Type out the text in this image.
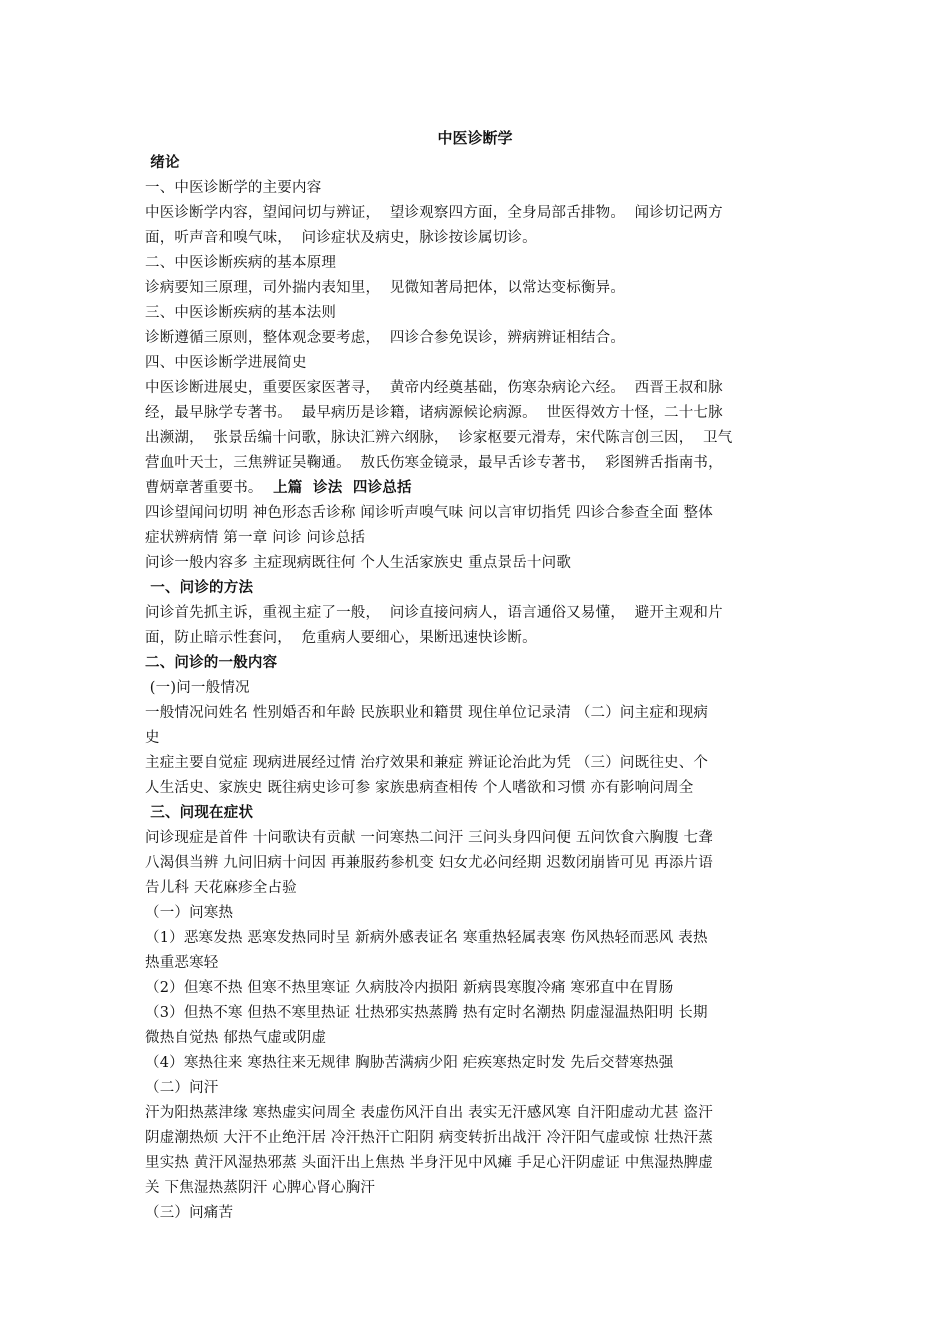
中医诊断学
绪论
一、中医诊断学的主要内容
中医诊断学内容，望闻问切与辨证，  望诊观察四方面，全身局部舌排物。  闻诊切记两方
面，听声音和嗅气味，  问诊症状及病史，脉诊按诊属切诊。
二、中医诊断疾病的基本原理
诊病要知三原理，司外揣内表知里，  见微知著局把体，以常达变标衡异。
三、中医诊断疾病的基本法则
诊断遵循三原则，整体观念要考虑，  四诊合参免误诊，辨病辨证相结合。
四、中医诊断学进展简史
中医诊断进展史，重要医家医著寻，  黄帝内经奠基础，伤寒杂病论六经。  西晋王叔和脉
经，最早脉学专著书。  最早病历是诊籍，诸病源候论病源。  世医得效方十怪，二十七脉
出濒湖，  张景岳编十问歌，脉诀汇辨六纲脉，  诊家枢要元滑寿，宋代陈言创三因，  卫气
营血叶天士，三焦辨证吴鞠通。  敖氏伤寒金镜录，最早舌诊专著书，  彩图辨舌指南书，
曹炳章著重要书。  上篇  诊法  四诊总括
四诊望闻问切明 神色形态舌诊称 闻诊听声嗅气味 问以言审切指凭 四诊合参查全面 整体
症状辨病情 第一章 问诊 问诊总括
问诊一般内容多 主症现病既往何 个人生活家族史 重点景岳十问歌
一、问诊的方法
问诊首先抓主诉，重视主症了一般，  问诊直接问病人，语言通俗又易懂，  避开主观和片
面，防止暗示性套问，  危重病人要细心，果断迅速快诊断。
二、问诊的一般内容
(一)问一般情况
一般情况问姓名 性别婚否和年龄 民族职业和籍贯 现住单位记录清 （二）问主症和现病
史
主症主要自觉症 现病进展经过情 治疗效果和兼症 辨证论治此为凭 （三）问既往史、个
人生活史、家族史 既往病史诊可参 家族患病查相传 个人嗜欲和习惯 亦有影响问周全
三、问现在症状
问诊现症是首件 十问歌诀有贡献 一问寒热二问汗 三问头身四问便 五问饮食六胸腹 七聋
八渴俱当辨 九问旧病十问因 再兼服药参机变 妇女尤必问经期 迟数闭崩皆可见 再添片语
告儿科 天花麻疹全占验
（一）问寒热
（1）恶寒发热 恶寒发热同时呈 新病外感表证名 寒重热轻属表寒 伤风热轻而恶风 表热
热重恶寒轻
（2）但寒不热 但寒不热里寒证 久病肢冷内损阳 新病畏寒腹冷痛 寒邪直中在胃肠
（3）但热不寒 但热不寒里热证 壮热邪实热蒸腾 热有定时名潮热 阴虚湿温热阳明 长期
微热自觉热 郁热气虚或阴虚
（4）寒热往来 寒热往来无规律 胸胁苦满病少阳 疟疾寒热定时发 先后交替寒热强
（二）问汗
汗为阳热蒸津缘 寒热虚实问周全 表虚伤风汗自出 表实无汗感风寒 自汗阳虚动尤甚 盗汗
阴虚潮热烦 大汗不止绝汗居 冷汗热汗亡阳阴 病变转折出战汗 冷汗阳气虚或惊 壮热汗蒸
里实热 黄汗风湿热邪蒸 头面汗出上焦热 半身汗见中风瘫 手足心汗阴虚证 中焦湿热脾虚
关 下焦湿热蒸阴汗 心脾心肾心胸汗
（三）问痛苦
